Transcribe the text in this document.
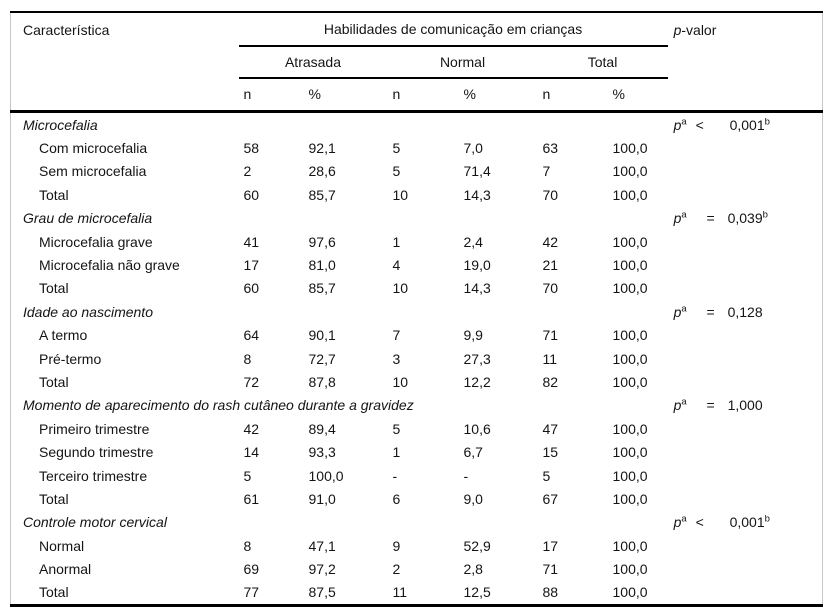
Característica	Habilidades de comunicação em crianças						p-valor
	Atrasada		Normal		Total		
	n	%	n	%	n	%	
Microcefalia							$p^a < 0,001^b$

Com microcefalia	58	92,1	5	7,0	63	100,0	
Sem microcefalia	2	28,6	5	71,4	7	100,0	
Total	60	85,7	10	14,3	70	100,0	
Grau de microcefalia							$p^a = 0,039^b$

Microcefalia grave	41	97,6	1	2,4	42	100,0	
Microcefalia não grave	17	81,0	4	19,0	21	100,0	
Total	60	85,7	10	14,3	70	100,0	
Idade ao nascimento							$p^a = 0,128$

A termo	64	90,1	7	9,9	71	100,0	
Pré-termo	8	72,7	3	27,3	11	100,0	
Total	72	87,8	10	12,2	82	100,0	
Momento de aparecimento do rash cutâneo durante a gravidez							$p^a = 1,000$

Primeiro trimestre	42	89,4	5	10,6	47	100,0	
Segundo trimestre	14	93,3	1	6,7	15	100,0	
Terceiro trimestre	5	100,0	-	-	5	100,0	
Total	61	91,0	6	9,0	67	100,0	
Controle motor cervical							$p^a < 0,001^b$

Normal	8	47,1	9	52,9	17	100,0	
Anormal	69	97,2	2	2,8	71	100,0	
Total	77	87,5	11	12,5	88	100,0	
